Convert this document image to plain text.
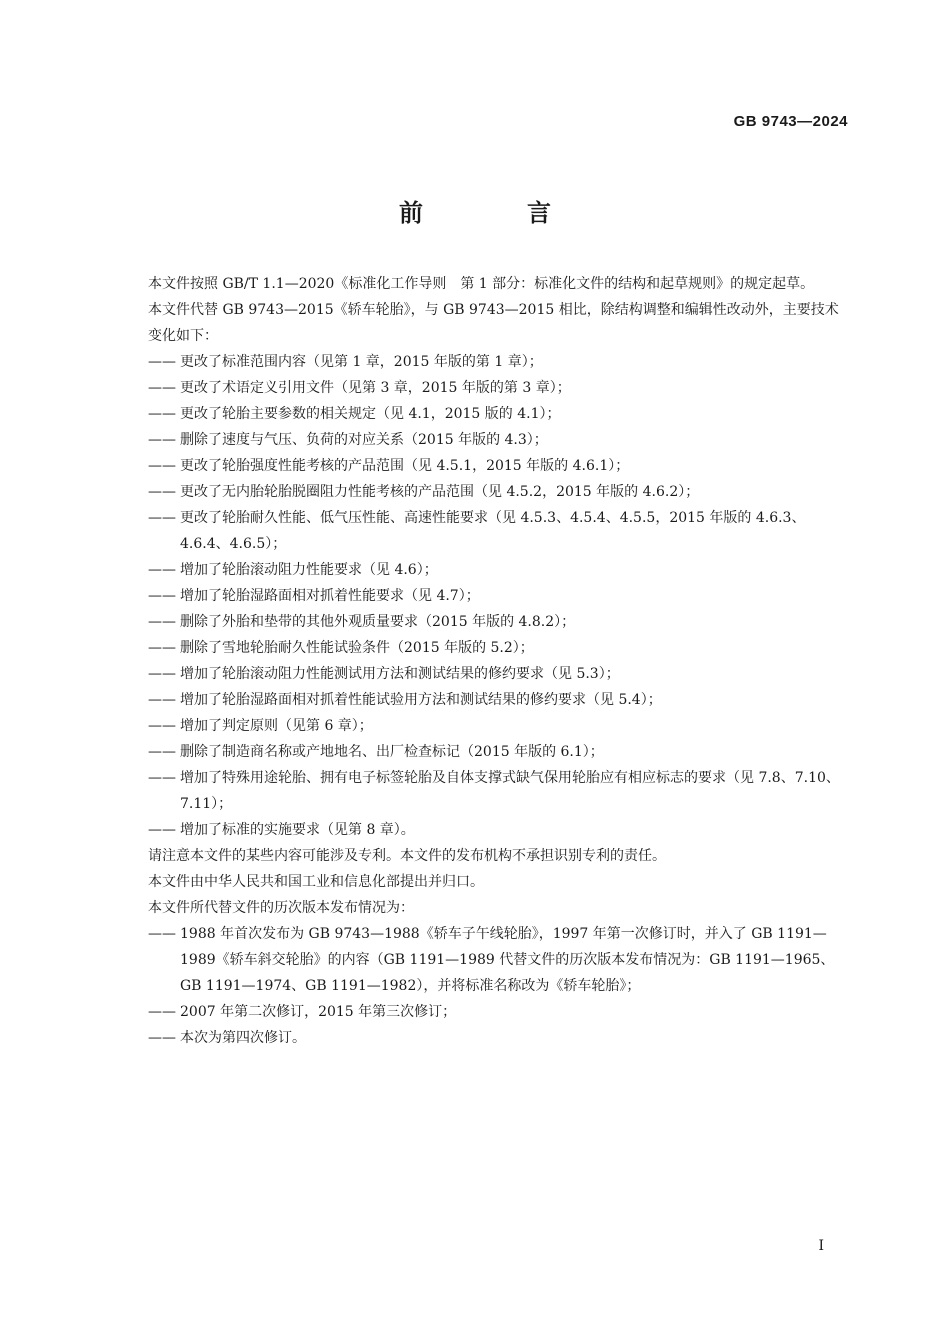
GB 9743—2024
前　言

本文件按照 GB/T 1.1—2020《标准化工作导则　第 1 部分：标准化文件的结构和起草规则》的规定起草。

本文件代替 GB 9743—2015《轿车轮胎》，与 GB 9743—2015 相比，除结构调整和编辑性改动外，主要技术变化如下：

—— 更改了标准范围内容（见第 1 章，2015 年版的第 1 章）；

—— 更改了术语定义引用文件（见第 3 章，2015 年版的第 3 章）；

—— 更改了轮胎主要参数的相关规定（见 4.1，2015 版的 4.1）；

—— 删除了速度与气压、负荷的对应关系（2015 年版的 4.3）；

—— 更改了轮胎强度性能考核的产品范围（见 4.5.1，2015 年版的 4.6.1）；

—— 更改了无内胎轮胎脱圈阻力性能考核的产品范围（见 4.5.2，2015 年版的 4.6.2）；

—— 更改了轮胎耐久性能、低气压性能、高速性能要求（见 4.5.3、4.5.4、4.5.5，2015 年版的 4.6.3、4.6.4、4.6.5）；

—— 增加了轮胎滚动阻力性能要求（见 4.6）；

—— 增加了轮胎湿路面相对抓着性能要求（见 4.7）；

—— 删除了外胎和垫带的其他外观质量要求（2015 年版的 4.8.2）；

—— 删除了雪地轮胎耐久性能试验条件（2015 年版的 5.2）；

—— 增加了轮胎滚动阻力性能测试用方法和测试结果的修约要求（见 5.3）；

—— 增加了轮胎湿路面相对抓着性能试验用方法和测试结果的修约要求（见 5.4）；

—— 增加了判定原则（见第 6 章）；

—— 删除了制造商名称或产地地名、出厂检查标记（2015 年版的 6.1）；

—— 增加了特殊用途轮胎、拥有电子标签轮胎及自体支撑式缺气保用轮胎应有相应标志的要求（见 7.8、7.10、7.11）；

—— 增加了标准的实施要求（见第 8 章）。

请注意本文件的某些内容可能涉及专利。本文件的发布机构不承担识别专利的责任。

本文件由中华人民共和国工业和信息化部提出并归口。

本文件所代替文件的历次版本发布情况为：

—— 1988 年首次发布为 GB 9743—1988《轿车子午线轮胎》，1997 年第一次修订时，并入了 GB 1191—1989《轿车斜交轮胎》的内容（GB 1191—1989 代替文件的历次版本发布情况为：GB 1191—1965、GB 1191—1974、GB 1191—1982），并将标准名称改为《轿车轮胎》；

—— 2007 年第二次修订，2015 年第三次修订；

—— 本次为第四次修订。

I
